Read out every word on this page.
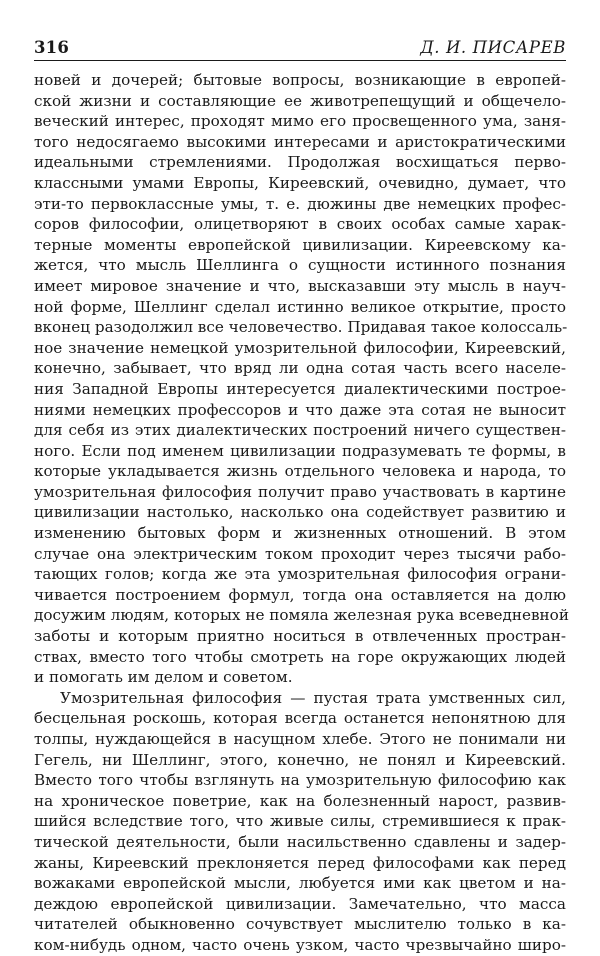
316	Д. И. ПИСАРЕВ
новей и дочерей; бытовые вопросы, возникающие в европей-
ской жизни и составляющие ее животрепещущий и общечело-
веческий интерес, проходят мимо его просвещенного ума, заня-
того недосягаемо высокими интересами и аристократическими
идеальными стремлениями. Продолжая восхищаться перво-
классными умами Европы, Киреевский, очевидно, думает, что
эти-то первоклассные умы, т. е. дюжины две немецких профес-
соров философии, олицетворяют в своих особах самые харак-
терные моменты европейской цивилизации. Киреевскому ка-
жется, что мысль Шеллинга о сущности истинного познания
имеет мировое значение и что, высказавши эту мысль в науч-
ной форме, Шеллинг сделал истинно великое открытие, просто
вконец разодолжил все человечество. Придавая такое колоссаль-
ное значение немецкой умозрительной философии, Киреевский,
конечно, забывает, что вряд ли одна сотая часть всего населе-
ния Западной Европы интересуется диалектическими построе-
ниями немецких профессоров и что даже эта сотая не выносит
для себя из этих диалектических построений ничего существен-
ного. Если под именем цивилизации подразумевать те формы, в
которые укладывается жизнь отдельного человека и народа, то
умозрительная философия получит право участвовать в картине
цивилизации настолько, насколько она содействует развитию и
изменению бытовых форм и жизненных отношений. В этом
случае она электрическим током проходит через тысячи рабо-
тающих голов; когда же эта умозрительная философия ограни-
чивается построением формул, тогда она оставляется на долю
досужим людям, которых не помяла железная рука всеведневной
заботы и которым приятно носиться в отвлеченных простран-
ствах, вместо того чтобы смотреть на горе окружающих людей
и помогать им делом и советом.
Умозрительная философия — пустая трата умственных сил,
бесцельная роскошь, которая всегда останется непонятною для
толпы, нуждающейся в насущном хлебе. Этого не понимали ни
Гегель, ни Шеллинг, этого, конечно, не понял и Киреевский.
Вместо того чтобы взглянуть на умозрительную философию как
на хроническое поветрие, как на болезненный нарост, развив-
шийся вследствие того, что живые силы, стремившиеся к прак-
тической деятельности, были насильственно сдавлены и задер-
жаны, Киреевский преклоняется перед философами как перед
вожаками европейской мысли, любуется ими как цветом и на-
деждою европейской цивилизации. Замечательно, что масса
читателей обыкновенно сочувствует мыслителю только в ка-
ком-нибудь одном, часто очень узком, часто чрезвычайно широ-
